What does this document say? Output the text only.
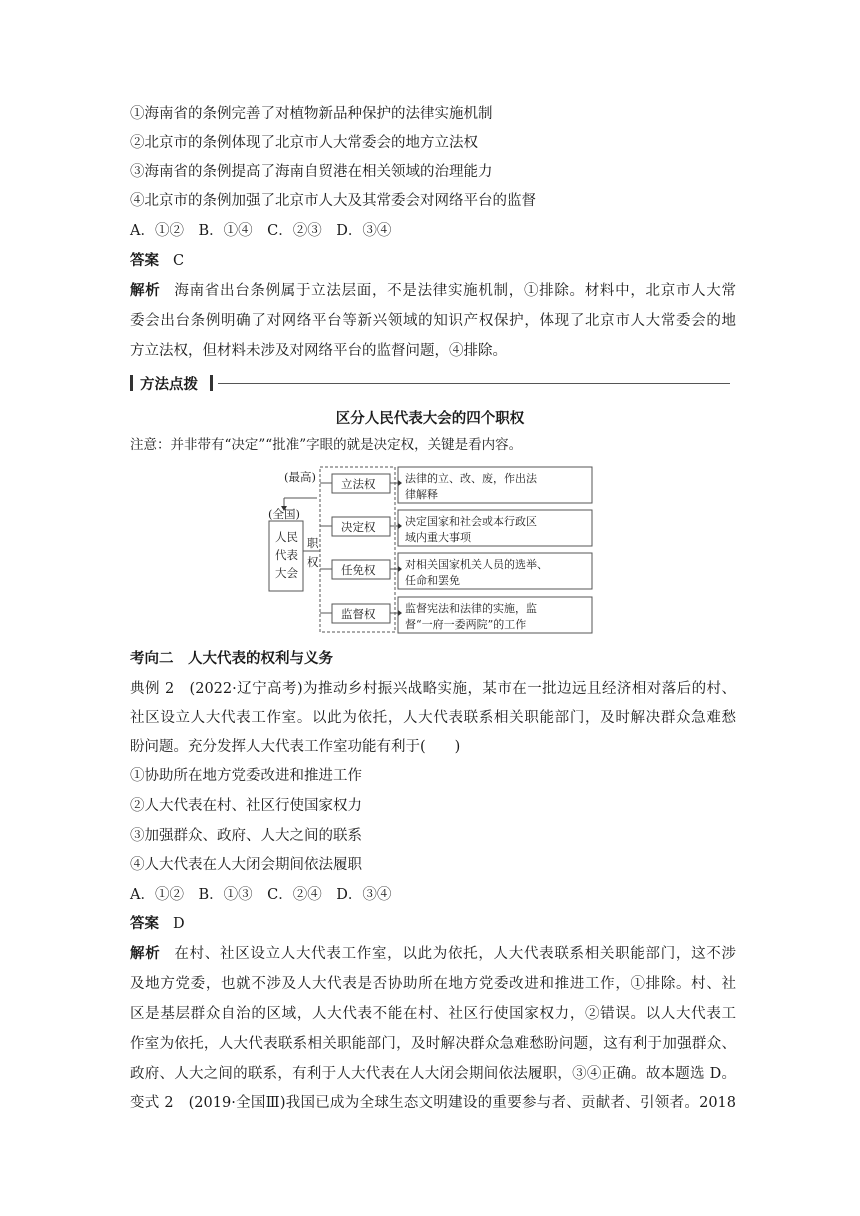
①海南省的条例完善了对植物新品种保护的法律实施机制
②北京市的条例体现了北京市人大常委会的地方立法权
③海南省的条例提高了海南自贸港在相关领域的治理能力
④北京市的条例加强了北京市人大及其常委会对网络平台的监督
A．①②　B．①④　C．②③　D．③④
答案 C
解析 海南省出台条例属于立法层面，不是法律实施机制，①排除。材料中，北京市人大常
委会出台条例明确了对网络平台等新兴领域的知识产权保护，体现了北京市人大常委会的地
方立法权，但材料未涉及对网络平台的监督问题，④排除。
方法点拨
区分人民代表大会的四个职权
注意：并非带有“决定”“批准”字眼的就是决定权，关键是看内容。
(最高)
(全国)
人民
代表
大会
职
权
立法权
决定权
任免权
监督权
法律的立、改、废，作出法
律解释
决定国家和社会或本行政区
域内重大事项
对相关国家机关人员的选举、
任命和罢免
监督宪法和法律的实施，监
督“一府一委两院”的工作
考向二　人大代表的权利与义务
典例 2　(2022·辽宁高考)为推动乡村振兴战略实施，某市在一批边远且经济相对落后的村、
社区设立人大代表工作室。以此为依托，人大代表联系相关职能部门，及时解决群众急难愁
盼问题。充分发挥人大代表工作室功能有利于(　　)
①协助所在地方党委改进和推进工作
②人大代表在村、社区行使国家权力
③加强群众、政府、人大之间的联系
④人大代表在人大闭会期间依法履职
A．①②　B．①③　C．②④　D．③④
答案 D
解析 在村、社区设立人大代表工作室，以此为依托，人大代表联系相关职能部门，这不涉
及地方党委，也就不涉及人大代表是否协助所在地方党委改进和推进工作，①排除。村、社
区是基层群众自治的区域，人大代表不能在村、社区行使国家权力，②错误。以人大代表工
作室为依托，人大代表联系相关职能部门，及时解决群众急难愁盼问题，这有利于加强群众、
政府、人大之间的联系，有利于人大代表在人大闭会期间依法履职，③④正确。故本题选 D。
变式 2　(2019·全国Ⅲ)我国已成为全球生态文明建设的重要参与者、贡献者、引领者。2018
